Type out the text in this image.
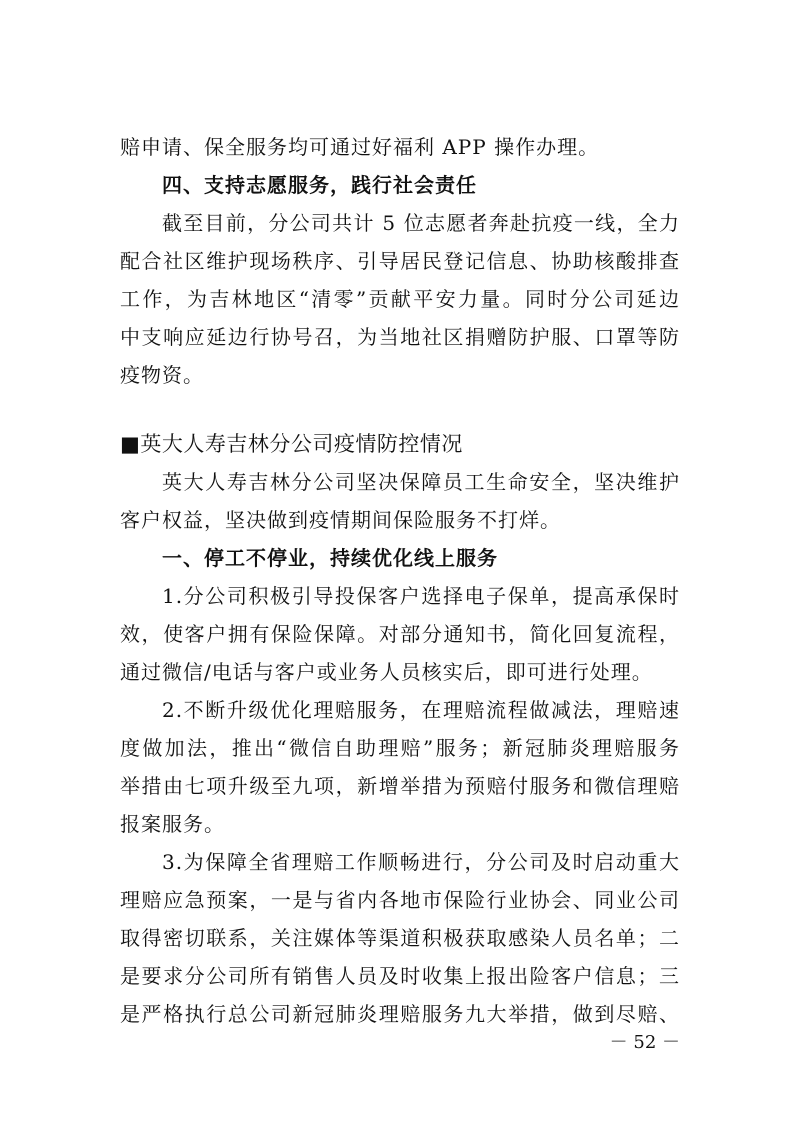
赔申请、保全服务均可通过好福利 APP 操作办理。
四、支持志愿服务，践行社会责任
截至目前，分公司共计 5 位志愿者奔赴抗疫一线，全力
配合社区维护现场秩序、引导居民登记信息、协助核酸排查
工作，为吉林地区“清零”贡献平安力量。同时分公司延边
中支响应延边行协号召，为当地社区捐赠防护服、口罩等防
疫物资。
■英大人寿吉林分公司疫情防控情况
英大人寿吉林分公司坚决保障员工生命安全，坚决维护
客户权益，坚决做到疫情期间保险服务不打烊。
一、停工不停业，持续优化线上服务
1.分公司积极引导投保客户选择电子保单，提高承保时
效，使客户拥有保险保障。对部分通知书，简化回复流程，
通过微信/电话与客户或业务人员核实后，即可进行处理。
2.不断升级优化理赔服务，在理赔流程做减法，理赔速
度做加法，推出“微信自助理赔”服务；新冠肺炎理赔服务
举措由七项升级至九项，新增举措为预赔付服务和微信理赔
报案服务。
3.为保障全省理赔工作顺畅进行，分公司及时启动重大
理赔应急预案，一是与省内各地市保险行业协会、同业公司
取得密切联系，关注媒体等渠道积极获取感染人员名单；二
是要求分公司所有销售人员及时收集上报出险客户信息；三
是严格执行总公司新冠肺炎理赔服务九大举措，做到尽赔、
－ 52 －
